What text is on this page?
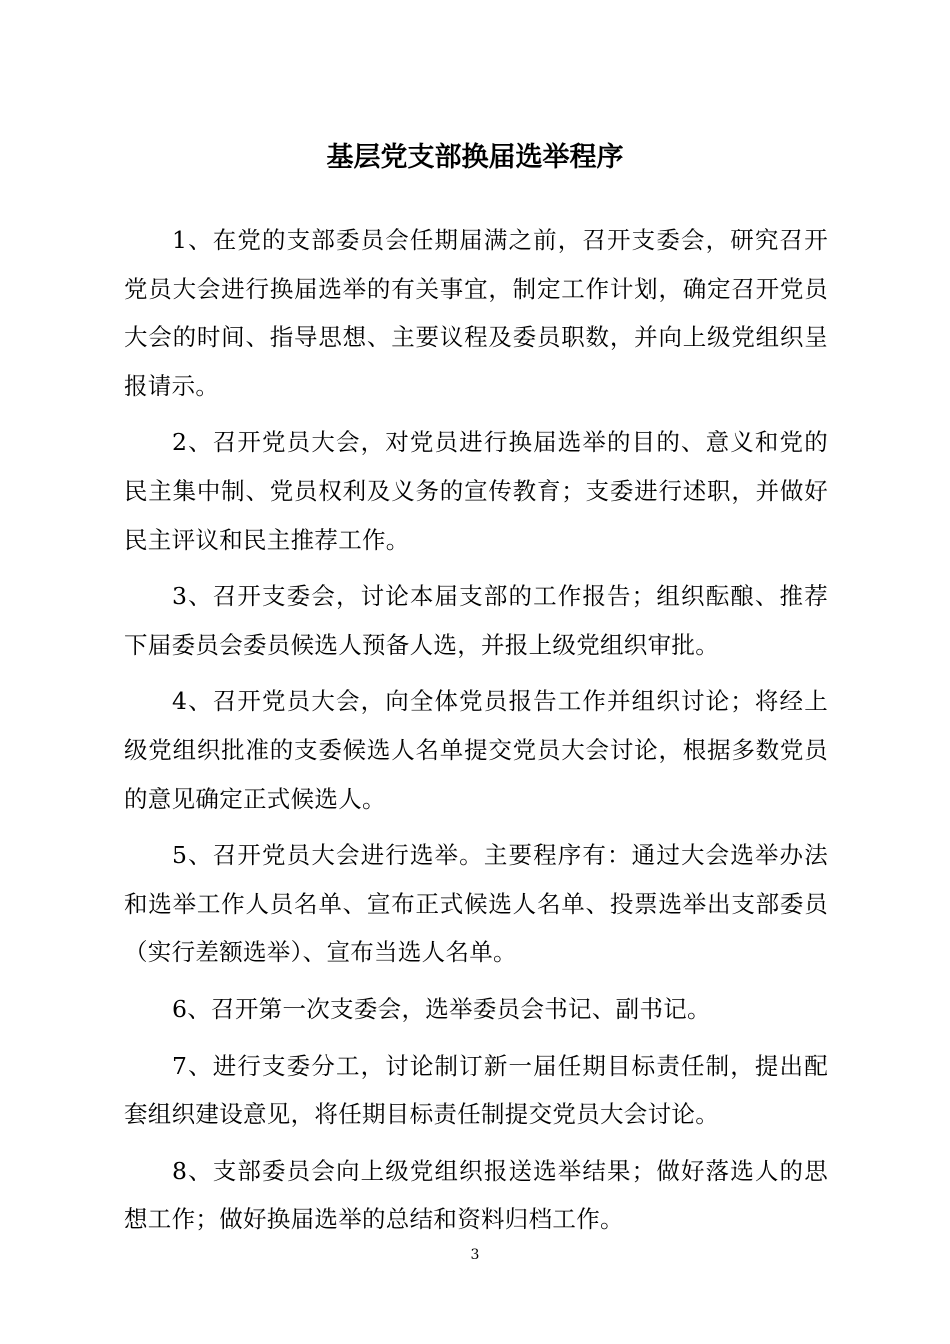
基层党支部换届选举程序

1、在党的支部委员会任期届满之前，召开支委会，研究召开党员大会进行换届选举的有关事宜，制定工作计划，确定召开党员大会的时间、指导思想、主要议程及委员职数，并向上级党组织呈报请示。

2、召开党员大会，对党员进行换届选举的目的、意义和党的民主集中制、党员权利及义务的宣传教育；支委进行述职，并做好民主评议和民主推荐工作。

3、召开支委会，讨论本届支部的工作报告；组织酝酿、推荐下届委员会委员候选人预备人选，并报上级党组织审批。

4、召开党员大会，向全体党员报告工作并组织讨论；将经上级党组织批准的支委候选人名单提交党员大会讨论，根据多数党员的意见确定正式候选人。

5、召开党员大会进行选举。主要程序有：通过大会选举办法和选举工作人员名单、宣布正式候选人名单、投票选举出支部委员（实行差额选举）、宣布当选人名单。

6、召开第一次支委会，选举委员会书记、副书记。

7、进行支委分工，讨论制订新一届任期目标责任制，提出配套组织建设意见，将任期目标责任制提交党员大会讨论。

8、支部委员会向上级党组织报送选举结果；做好落选人的思想工作；做好换届选举的总结和资料归档工作。

3
